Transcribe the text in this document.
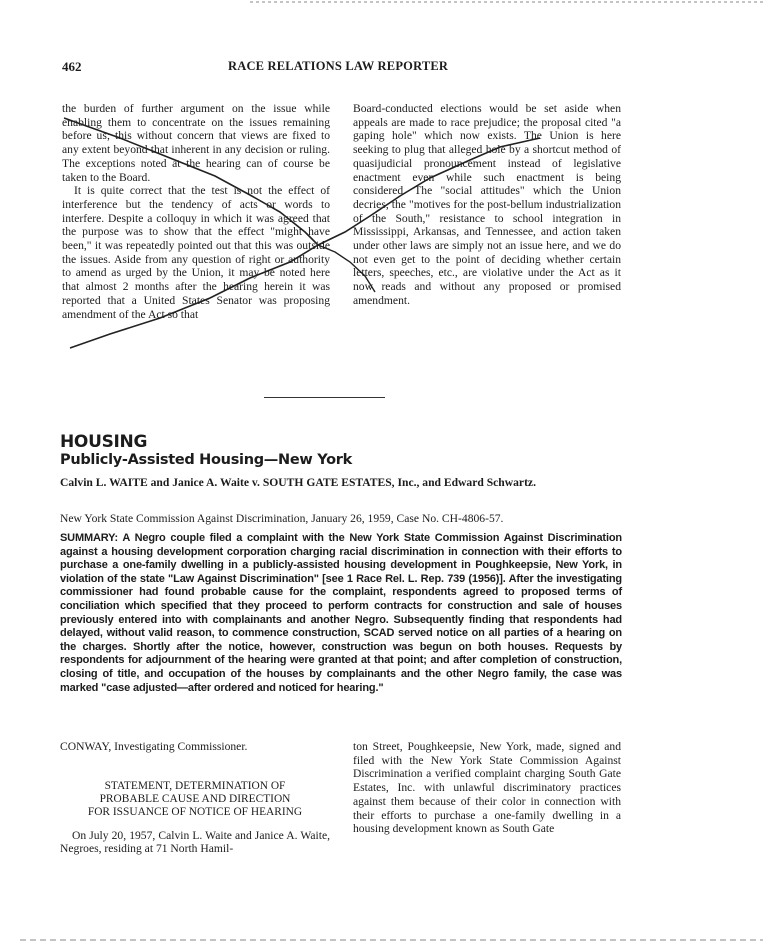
462	RACE RELATIONS LAW REPORTER

the burden of further argument on the issue while enabling them to concentrate on the issues remaining before us; this without concern that views are fixed to any extent beyond that inherent in any decision or ruling. The exceptions noted at the hearing can of course be taken to the Board.

It is quite correct that the test is not the effect of interference but the tendency of acts or words to interfere. Despite a colloquy in which it was agreed that the purpose was to show that the effect "might have been," it was repeatedly pointed out that this was outside the issues. Aside from any question of right or authority to amend as urged by the Union, it may be noted here that almost 2 months after the hearing herein it was reported that a United States Senator was proposing amendment of the Act so that

Board-conducted elections would be set aside when appeals are made to race prejudice; the proposal cited "a gaping hole" which now exists. The Union is here seeking to plug that alleged hole by a shortcut method of quasijudicial pronouncement instead of legislative enactment even while such enactment is being considered. The "social attitudes" which the Union decries, the "motives for the post-bellum industrialization of the South," resistance to school integration in Mississippi, Arkansas, and Tennessee, and action taken under other laws are simply not an issue here, and we do not even get to the point of deciding whether certain letters, speeches, etc., are violative under the Act as it now reads and without any proposed or promised amendment.

HOUSING
Publicly-Assisted Housing—New York
Calvin L. WAITE and Janice A. Waite v. SOUTH GATE ESTATES, Inc., and Edward Schwartz.
New York State Commission Against Discrimination, January 26, 1959, Case No. CH-4806-57.
SUMMARY: A Negro couple filed a complaint with the New York State Commission Against Discrimination against a housing development corporation charging racial discrimination in connection with their efforts to purchase a one-family dwelling in a publicly-assisted housing development in Poughkeepsie, New York, in violation of the state "Law Against Discrimination" [see 1 Race Rel. L. Rep. 739 (1956)]. After the investigating commissioner had found probable cause for the complaint, respondents agreed to proposed terms of conciliation which specified that they proceed to perform contracts for construction and sale of houses previously entered into with complainants and another Negro. Subsequently finding that respondents had delayed, without valid reason, to commence construction, SCAD served notice on all parties of a hearing on the charges. Shortly after the notice, however, construction was begun on both houses. Requests by respondents for adjournment of the hearing were granted at that point; and after completion of construction, closing of title, and occupation of the houses by complainants and the other Negro family, the case was marked "case adjusted—after ordered and noticed for hearing."

CONWAY, Investigating Commissioner.

STATEMENT, DETERMINATION OF
PROBABLE CAUSE AND DIRECTION
FOR ISSUANCE OF NOTICE OF HEARING

On July 20, 1957, Calvin L. Waite and Janice A. Waite, Negroes, residing at 71 North Hamil-

ton Street, Poughkeepsie, New York, made, signed and filed with the New York State Commission Against Discrimination a verified complaint charging South Gate Estates, Inc. with unlawful discriminatory practices against them because of their color in connection with their efforts to purchase a one-family dwelling in a housing development known as South Gate
